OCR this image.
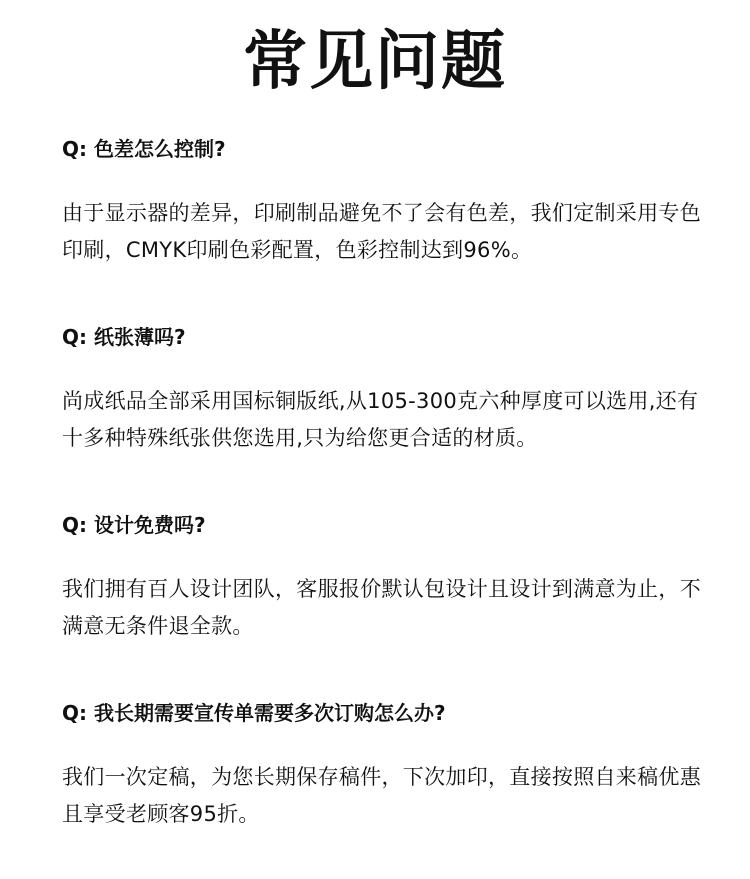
常见问题

Q: 色差怎么控制?

由于显示器的差异，印刷制品避免不了会有色差，我们定制采用专色印刷，CMYK印刷色彩配置，色彩控制达到96%。

Q: 纸张薄吗?

尚成纸品全部采用国标铜版纸,从105-300克六种厚度可以选用,还有十多种特殊纸张供您选用,只为给您更合适的材质。

Q: 设计免费吗?

我们拥有百人设计团队，客服报价默认包设计且设计到满意为止，不满意无条件退全款。

Q: 我长期需要宣传单需要多次订购怎么办?

我们一次定稿，为您长期保存稿件，下次加印，直接按照自来稿优惠且享受老顾客95折。
